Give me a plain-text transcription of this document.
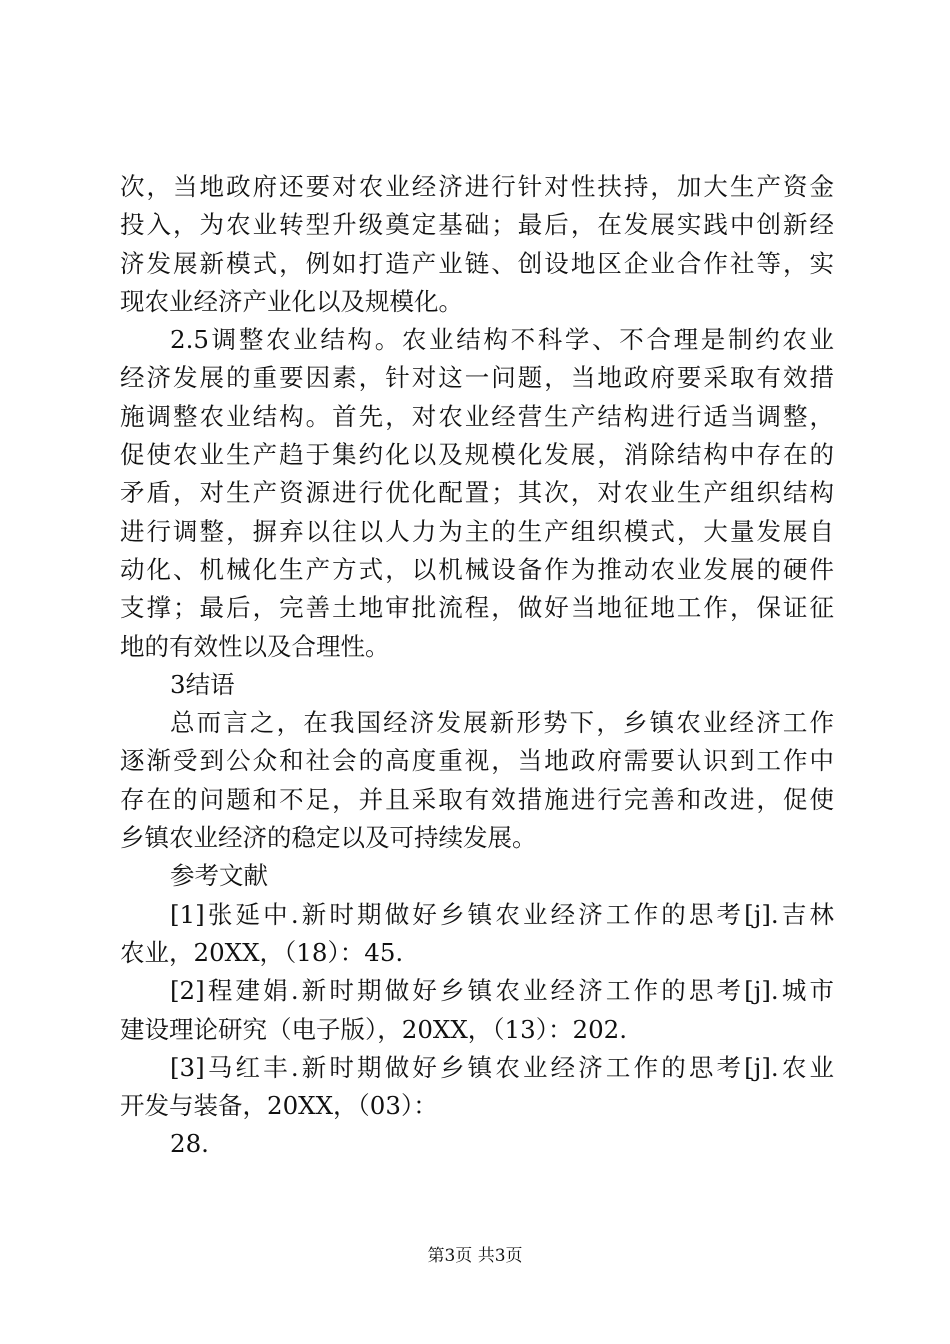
次，当地政府还要对农业经济进行针对性扶持，加大生产资金
投入，为农业转型升级奠定基础；最后，在发展实践中创新经
济发展新模式，例如打造产业链、创设地区企业合作社等，实
现农业经济产业化以及规模化。
2.5调整农业结构。农业结构不科学、不合理是制约农业
经济发展的重要因素，针对这一问题，当地政府要采取有效措
施调整农业结构。首先，对农业经营生产结构进行适当调整，
促使农业生产趋于集约化以及规模化发展，消除结构中存在的
矛盾，对生产资源进行优化配置；其次，对农业生产组织结构
进行调整，摒弃以往以人力为主的生产组织模式，大量发展自
动化、机械化生产方式，以机械设备作为推动农业发展的硬件
支撑；最后，完善土地审批流程，做好当地征地工作，保证征
地的有效性以及合理性。
3结语
总而言之，在我国经济发展新形势下，乡镇农业经济工作
逐渐受到公众和社会的高度重视，当地政府需要认识到工作中
存在的问题和不足，并且采取有效措施进行完善和改进，促使
乡镇农业经济的稳定以及可持续发展。
参考文献
[1]张延中.新时期做好乡镇农业经济工作的思考[j].吉林
农业，20XX，（18）：45.
[2]程建娟.新时期做好乡镇农业经济工作的思考[j].城市
建设理论研究（电子版），20XX，（13）：202.
[3]马红丰.新时期做好乡镇农业经济工作的思考[j].农业
开发与装备，20XX，（03）：
28.
第3页 共3页
